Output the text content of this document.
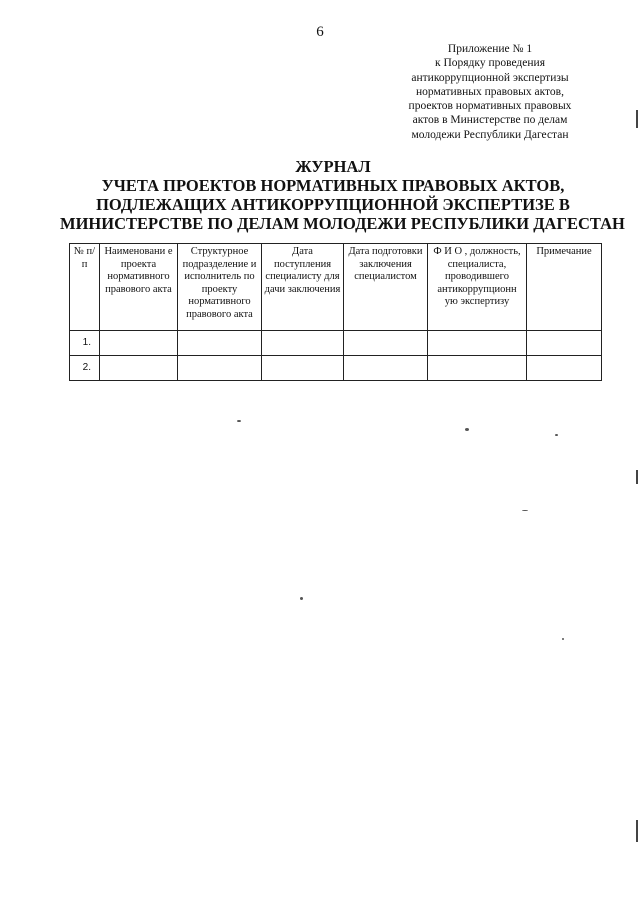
6
Приложение № 1
к Порядку проведения
антикоррупционной экспертизы
нормативных правовых актов,
проектов нормативных правовых
актов в Министерстве по делам
молодежи Республики Дагестан
ЖУРНАЛ
УЧЕТА ПРОЕКТОВ НОРМАТИВНЫХ ПРАВОВЫХ АКТОВ,
ПОДЛЕЖАЩИХ АНТИКОРРУПЦИОННОЙ ЭКСПЕРТИЗЕ В
МИНИСТЕРСТВЕ ПО ДЕЛАМ МОЛОДЕЖИ РЕСПУБЛИКИ ДАГЕСТАН
№ п/п	Наименовани е проекта нормативного правового акта	Структурное подразделение и исполнитель по проекту нормативного правового акта	Дата поступления специалисту для дачи заключения	Дата подготовки заключения специалистом	Ф И О , должность, специалиста, проводившего антикоррупционн ую экспертизу	Примечание
1.						
2.						
